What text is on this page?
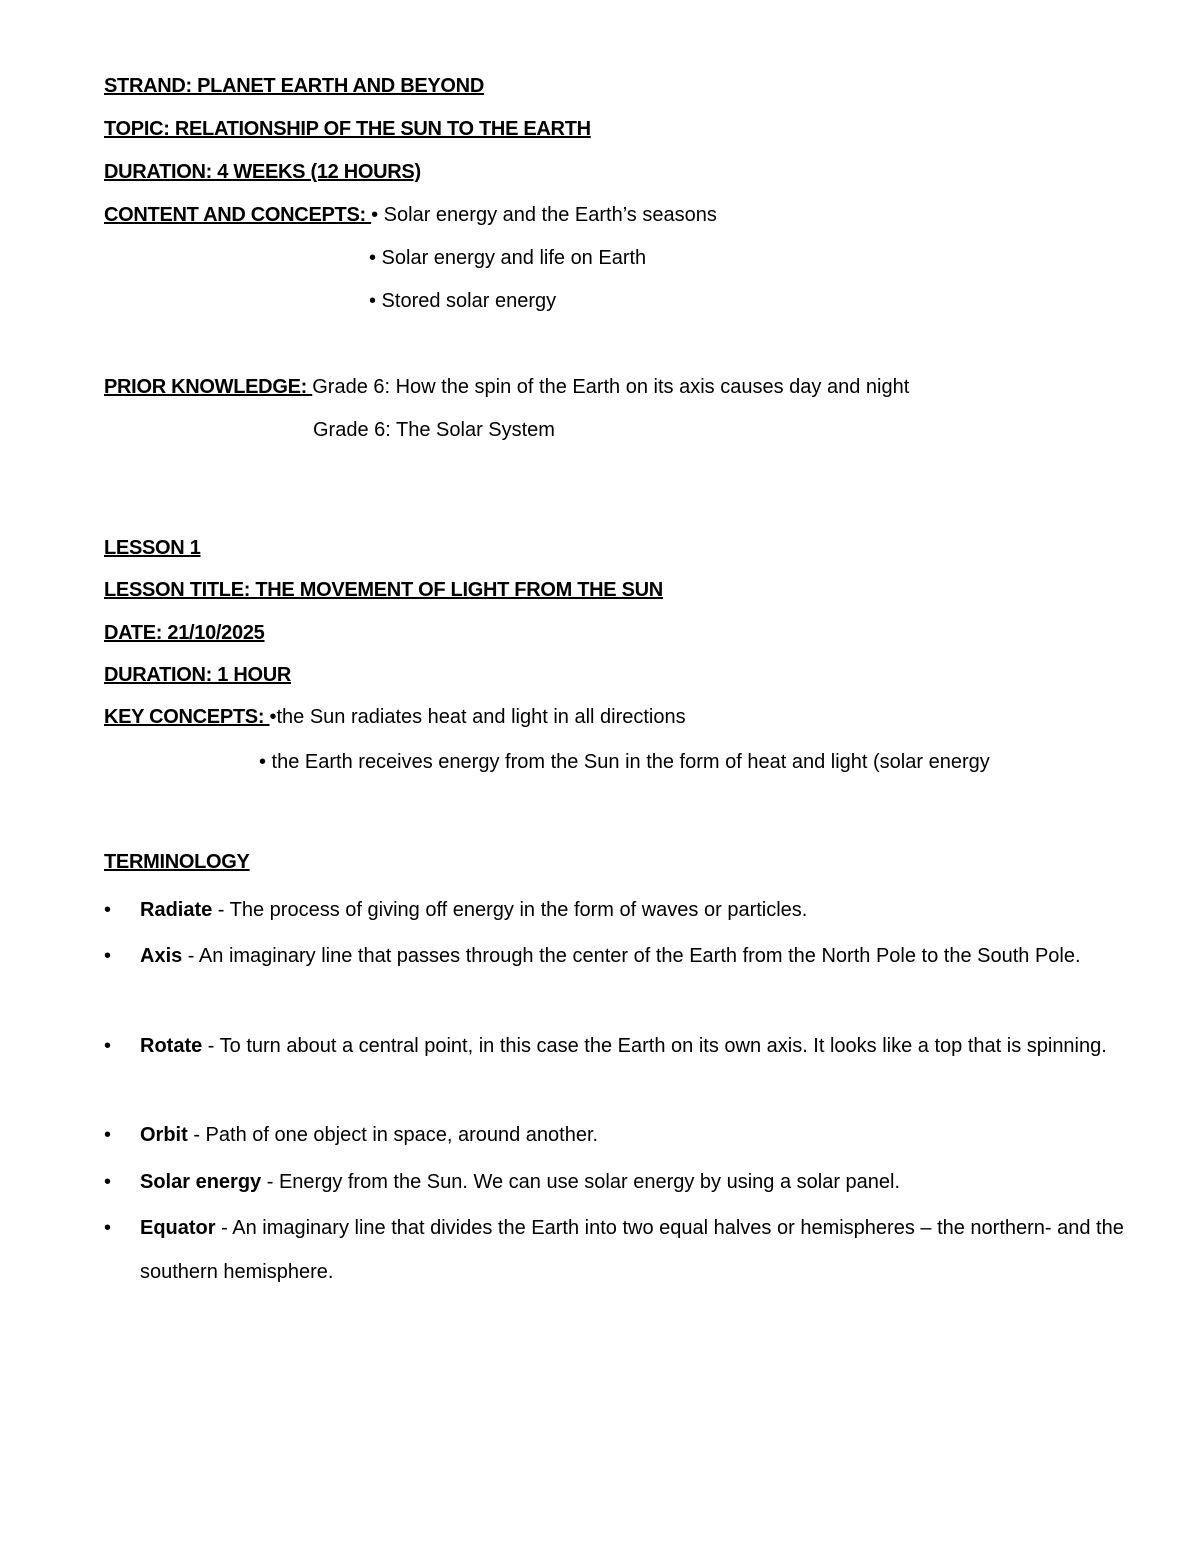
STRAND: PLANET EARTH AND BEYOND
TOPIC: RELATIONSHIP OF THE SUN TO THE EARTH
DURATION: 4 WEEKS (12 HOURS)
CONTENT AND CONCEPTS: • Solar energy and the Earth’s seasons
• Solar energy and life on Earth
• Stored solar energy
PRIOR KNOWLEDGE: Grade 6: How the spin of the Earth on its axis causes day and night
Grade 6: The Solar System
LESSON 1
LESSON TITLE: THE MOVEMENT OF LIGHT FROM THE SUN
DATE: 21/10/2025
DURATION: 1 HOUR
KEY CONCEPTS: •the Sun radiates heat and light in all directions
• the Earth receives energy from the Sun in the form of heat and light (solar energy
TERMINOLOGY
• Radiate - The process of giving off energy in the form of waves or particles.
• Axis - An imaginary line that passes through the center of the Earth from the North Pole to the South Pole.
• Rotate - To turn about a central point, in this case the Earth on its own axis. It looks like a top that is spinning.
• Orbit - Path of one object in space, around another.
• Solar energy - Energy from the Sun. We can use solar energy by using a solar panel.
• Equator - An imaginary line that divides the Earth into two equal halves or hemispheres – the northern- and the southern hemisphere.
